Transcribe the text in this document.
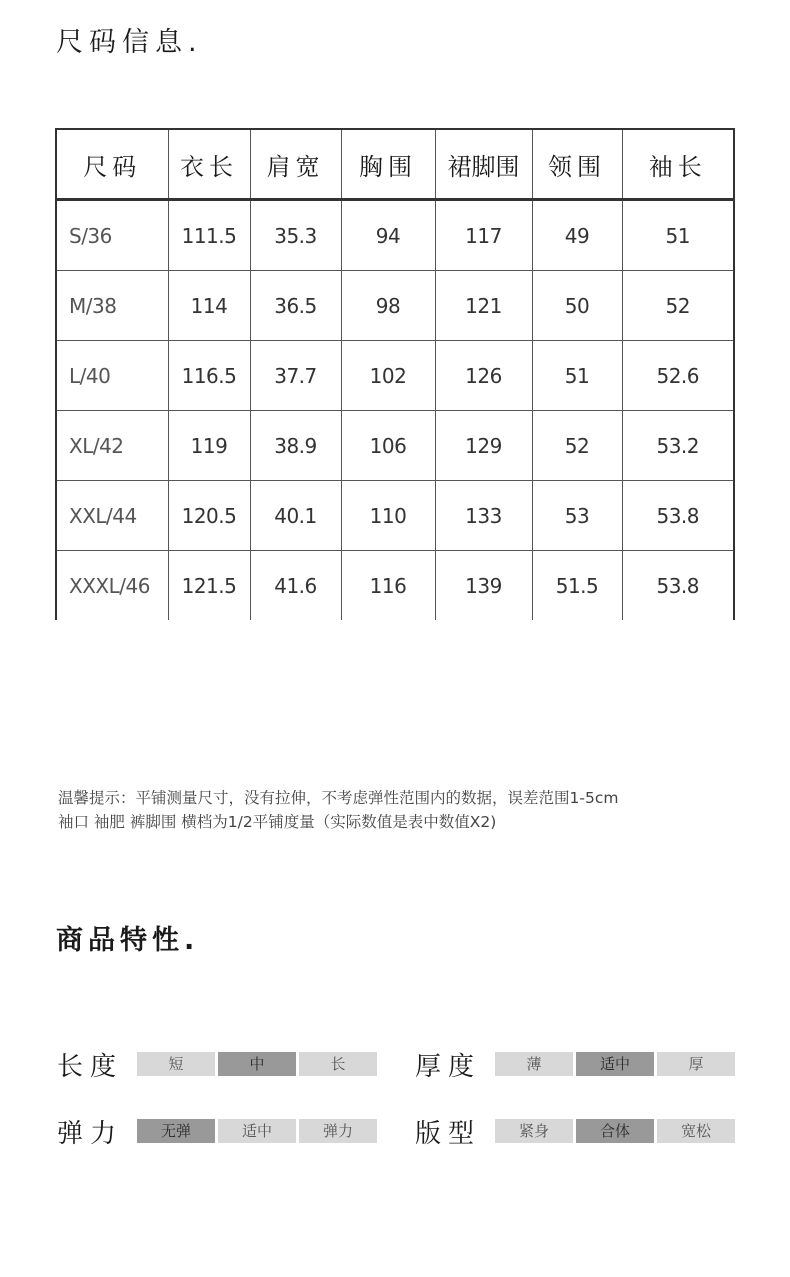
尺码信息.
尺码	衣长	肩宽	胸围	裙脚围	领围	袖长
S/36	111.5	35.3	94	117	49	51
M/38	114	36.5	98	121	50	52
L/40	116.5	37.7	102	126	51	52.6
XL/42	119	38.9	106	129	52	53.2
XXL/44	120.5	40.1	110	133	53	53.8
XXXL/46	121.5	41.6	116	139	51.5	53.8

温馨提示：平铺测量尺寸，没有拉伸，不考虑弹性范围内的数据，误差范围1-5cm

袖口 袖肥 裤脚围 横档为1/2平铺度量（实际数值是表中数值X2)

商品特性.
长度	短	中	长	厚度	薄	适中	厚
弹力	无弹	适中	弹力	版型	紧身	合体	宽松
